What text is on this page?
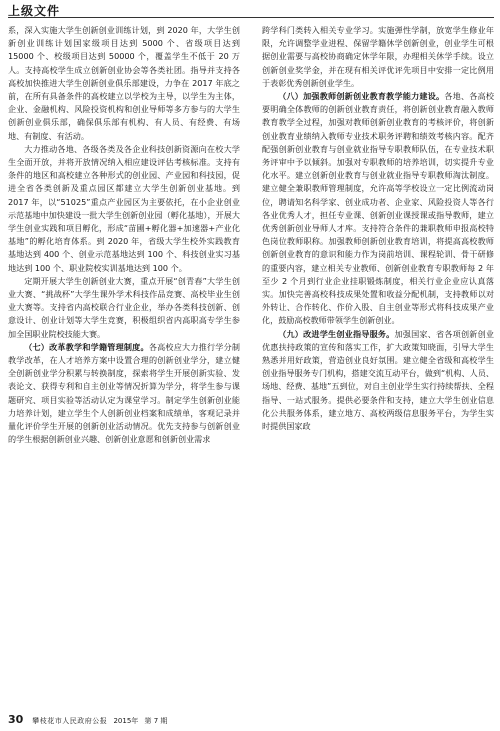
上级文件

系，深入实施大学生创新创业训练计划，到 2020 年，大学生创新创业训练计划国家级项目达到 5000 个、省级项目达到 15000 个、校级项目达到 50000 个，覆盖学生不低于 20 万人。支持高校学生成立创新创业协会等各类社团。指导并支持各高校加快推进大学生创新创业俱乐部建设，力争在 2017 年底之前，在所有具备条件的高校建立以学校为主导，以学生为主体，企业、金融机构、风险投资机构和创业导师等多方参与的大学生创新创业俱乐部，确保俱乐部有机构、有人员、有经费、有场地、有制度、有活动。

大力推动各地、各级各类及各企业科技创新资源向在校大学生全面开放，并将开放情况纳入相应建设评估考核标准。支持有条件的地区和高校建立各种形式的创业园、产业园和科技园，促进全省各类创新及重点园区都建立大学生创新创业基地。到 2017 年，以“51025”重点产业园区为主要依托，在小企业创业示范基地中加快建设一批大学生创新创业园（孵化基地），开展大学生创业实践和项目孵化，形成“苗圃+孵化器+加速器+产业化基地”的孵化培育体系。到 2020 年，省级大学生校外实践教育基地达到 400 个、创业示范基地达到 100 个、科技创业实习基地达到 100 个、职业院校实训基地达到 100 个。

定期开展大学生创新创业大赛，重点开展“创青春”大学生创业大赛、“挑战杯”大学生课外学术科技作品竞赛、高校毕业生创业大赛等。支持省内高校联合行业企业，举办各类科技创新、创意设计、创业计划等大学生竞赛，积极组织省内高职高专学生参加全国职业院校技能大赛。

（七）改革教学和学籍管理制度。各高校应大力推行学分制教学改革，在人才培养方案中设置合理的创新创业学分，建立健全创新创业学分积累与转换制度，探索将学生开展创新实验、发表论文、获得专利和自主创业等情况折算为学分，将学生参与课题研究、项目实验等活动认定为课堂学习。制定学生创新创业能力培养计划，建立学生个人创新创业档案和成绩单，客观记录并量化评价学生开展的创新创业活动情况。优先支持参与创新创业的学生根据创新创业兴趣、创新创业意愿和创新创业需求

跨学科门类转入相关专业学习。实施弹性学制，放宽学生修业年限，允许调整学业进程、保留学籍休学创新创业，创业学生可根据创业需要与高校协商确定休学年限，办理相关休学手续。设立创新创业奖学金，并在现有相关评优评先项目中安排一定比例用于表彰优秀创新创业学生。

（八）加强教师创新创业教育教学能力建设。各地、各高校要明确全体教师的创新创业教育责任，将创新创业教育融入教师教育教学全过程，加强对教师创新创业教育的考核评价，将创新创业教育业绩纳入教师专业技术职务评聘和绩效考核内容。配齐配强创新创业教育与创业就业指导专职教师队伍，在专业技术职务评审中予以倾斜。加强对专职教师的培养培训，切实提升专业化水平。建立创新创业教育与创业就业指导专职教师淘汰制度。建立健全兼职教师管理制度，允许高等学校设立一定比例流动岗位，聘请知名科学家、创业成功者、企业家、风险投资人等各行各业优秀人才，担任专业课、创新创业课授课或指导教师，建立优秀创新创业导师人才库。支持符合条件的兼职教师申报高校特色岗位教师职称。加强教师创新创业教育培训，将提高高校教师创新创业教育的意识和能力作为岗前培训、课程轮训、骨干研修的重要内容，建立相关专业教师、创新创业教育专职教师每 2 年至少 2 个月到行业企业挂职锻炼制度，相关行业企业应认真落实。加快完善高校科技成果处置和收益分配机制，支持教师以对外转让、合作转化、作价入股、自主创业等形式将科技成果产业化，鼓励高校教师带领学生创新创业。

（九）改进学生创业指导服务。加强国家、省各项创新创业优惠扶持政策的宣传和落实工作，扩大政策知晓面，引导大学生熟悉并用好政策，营造创业良好氛围。建立健全省级和高校学生创业指导服务专门机构，搭建交流互动平台，做到“机构、人员、场地、经费、基地”五到位，对自主创业学生实行持续帮扶、全程指导、一站式服务。提供必要条件和支持，建立大学生创业信息化公共服务体系，建立地方、高校两级信息服务平台，为学生实时提供国家政

30 攀枝花市人民政府公报 2015年 第 7 期
